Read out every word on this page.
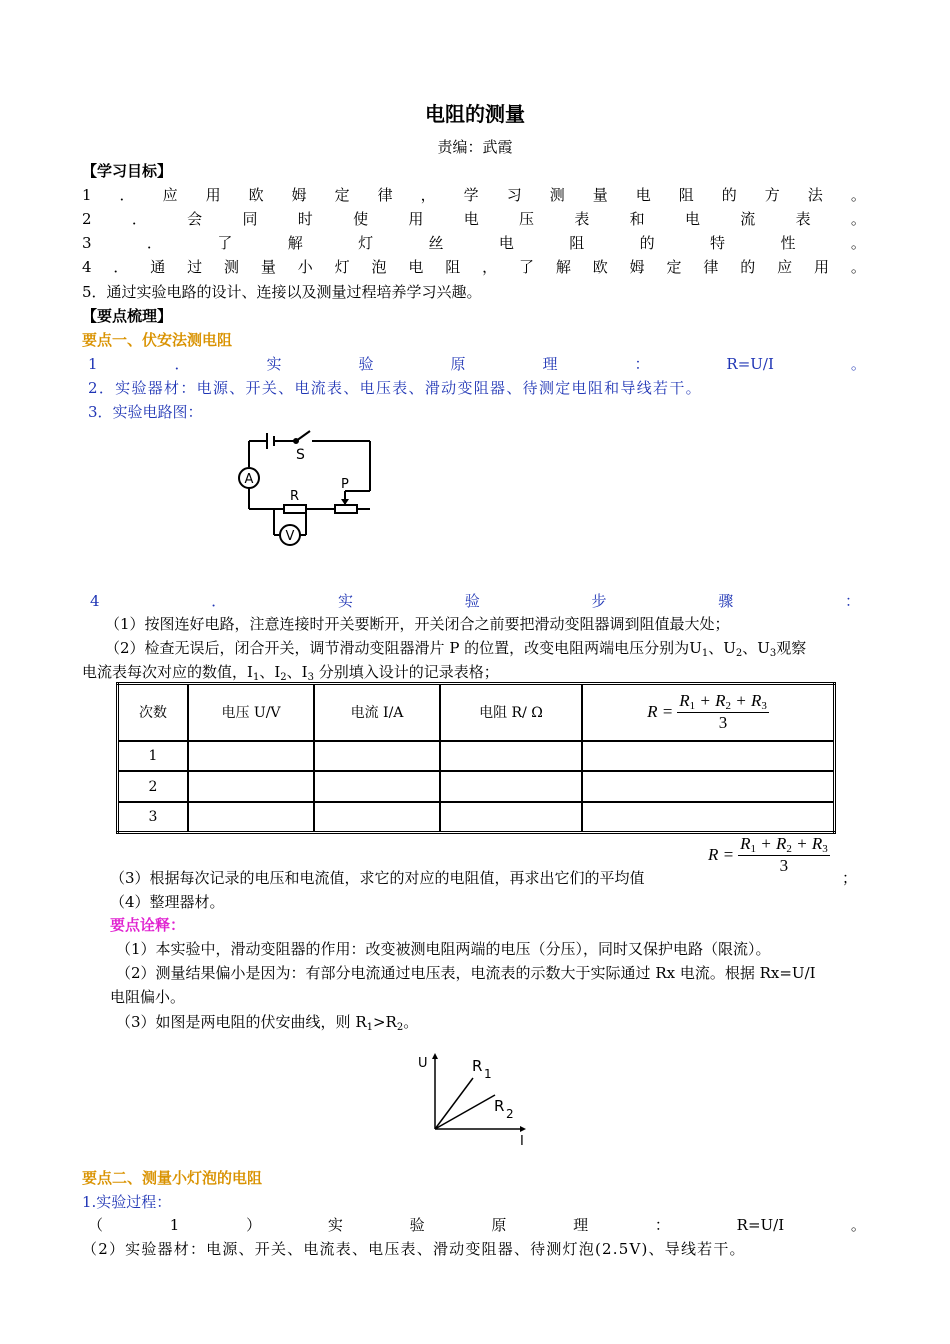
电阻的测量
责编：武霞
【学习目标】
1 ． 应 用 欧 姆 定 律 ， 学 习 测 量 电 阻 的 方 法 。
2	．	会	同	时	使	用	电	压	表	和	电	流	表	。
3	．	了	解	灯	丝	电	阻	的	特	性	。
4 ． 通 过 测 量 小 灯 泡 电 阻 ， 了 解 欧 姆 定 律 的 应 用 。
5．通过实验电路的设计、连接以及测量过程培养学习兴趣。
【要点梳理】
要点一、伏安法测电阻
1	．	实	验	原	理	：	R=U/I	。
2．实验器材：电源、开关、电流表、电压表、滑动变阻器、待测定电阻和导线若干。
3．实验电路图：
A
S
R
P
V
4	．	实	验	步	骤	：
（1）按图连好电路，注意连接时开关要断开，开关闭合之前要把滑动变阻器调到阻值最大处；
（2）检查无误后，闭合开关，调节滑动变阻器滑片 P 的位置，改变电阻两端电压分别为$U_1$、$U_2$、$U_3$观察
电流表每次对应的数值，$I_1$、$I_2$、$I_3$ 分别填入设计的记录表格；
次数	电压 U/V	电流 I/A	电阻 R/ Ω	$R = \frac{R1 + R2 + R3}{3}$

1				
2				
3				
$R = \frac{R1 + R2 + R3}{3}$
（3）根据每次记录的电压和电流值，求它的对应的电阻值，再求出它们的平均值	；
（4）整理器材。
要点诠释：
（1）本实验中，滑动变阻器的作用：改变被测电阻两端的电压（分压），同时又保护电路（限流）。
（2）测量结果偏小是因为：有部分电流通过电压表，电流表的示数大于实际通过 Rx 电流。根据 Rx=U/I
电阻偏小。
（3）如图是两电阻的伏安曲线，则 $R_1>R_2$。
U
I
R 1
R 2
要点二、测量小灯泡的电阻
1.实验过程：
（	1	）	实	验	原	理	：	R=U/I	。
（2）实验器材：电源、开关、电流表、电压表、滑动变阻器、待测灯泡(2.5V)、导线若干。
